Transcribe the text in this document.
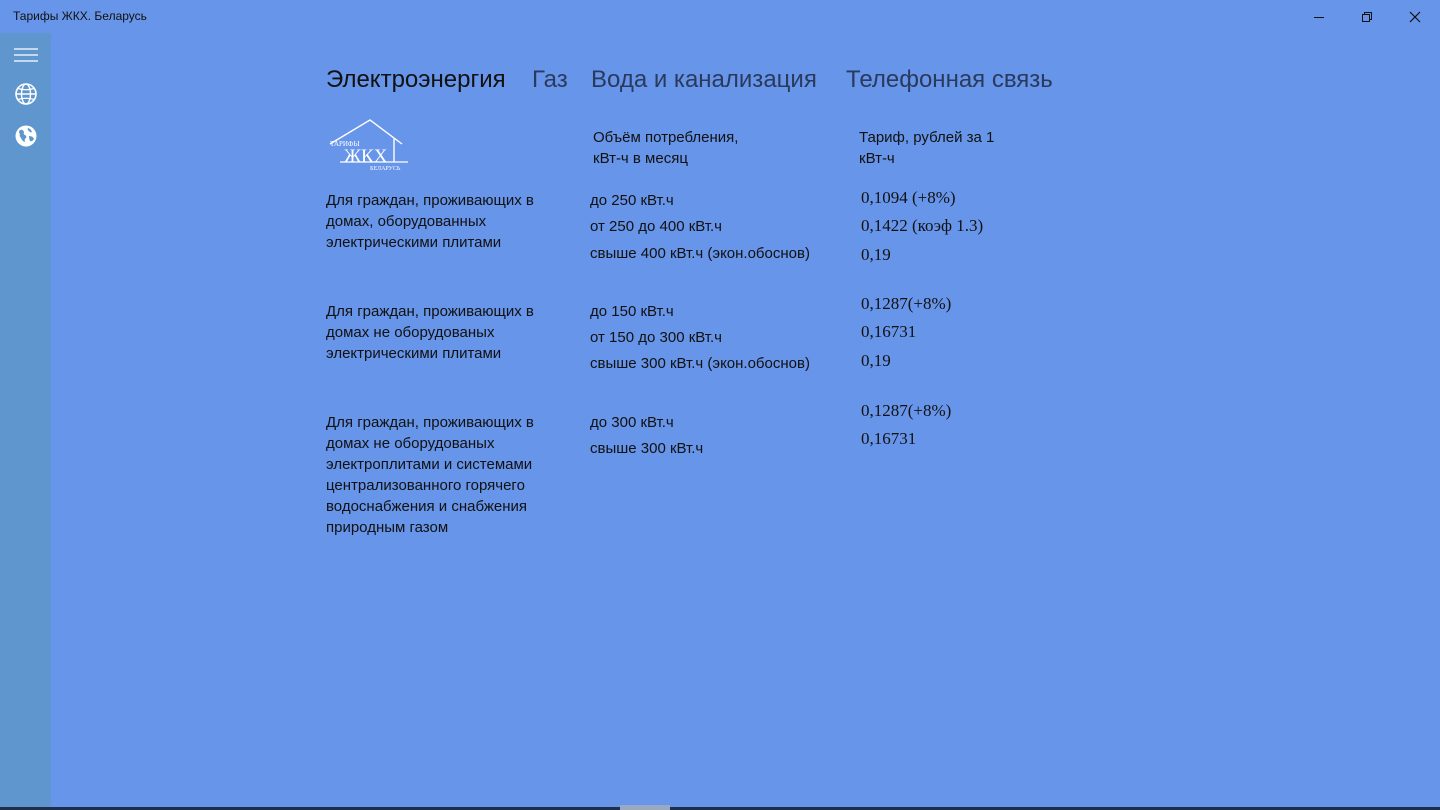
Тарифы ЖКХ. Беларусь
Электроэнергия Газ Вода и канализация Телефонная связь
ТАРИФЫ
ЖКХ
БЕЛАРУСЬ
Объём потребления,
кВт-ч в месяц
Тариф, рублей за 1
кВт-ч
Для граждан, проживающих в
домах, оборудованных
электрическими плитами
до 250 кВт.ч
от 250 до 400 кВт.ч
свыше 400 кВт.ч (экон.обоснов)
0,1094 (+8%)
0,1422 (коэф 1.3)
0,19
Для граждан, проживающих в
домах не оборудованых
электрическими плитами
до 150 кВт.ч
от 150 до 300 кВт.ч
свыше 300 кВт.ч (экон.обоснов)
0,1287(+8%)
0,16731
0,19
Для граждан, проживающих в
домах не оборудованых
электроплитами и системами
централизованного горячего
водоснабжения и снабжения
природным газом
до 300 кВт.ч
свыше 300 кВт.ч
0,1287(+8%)
0,16731
